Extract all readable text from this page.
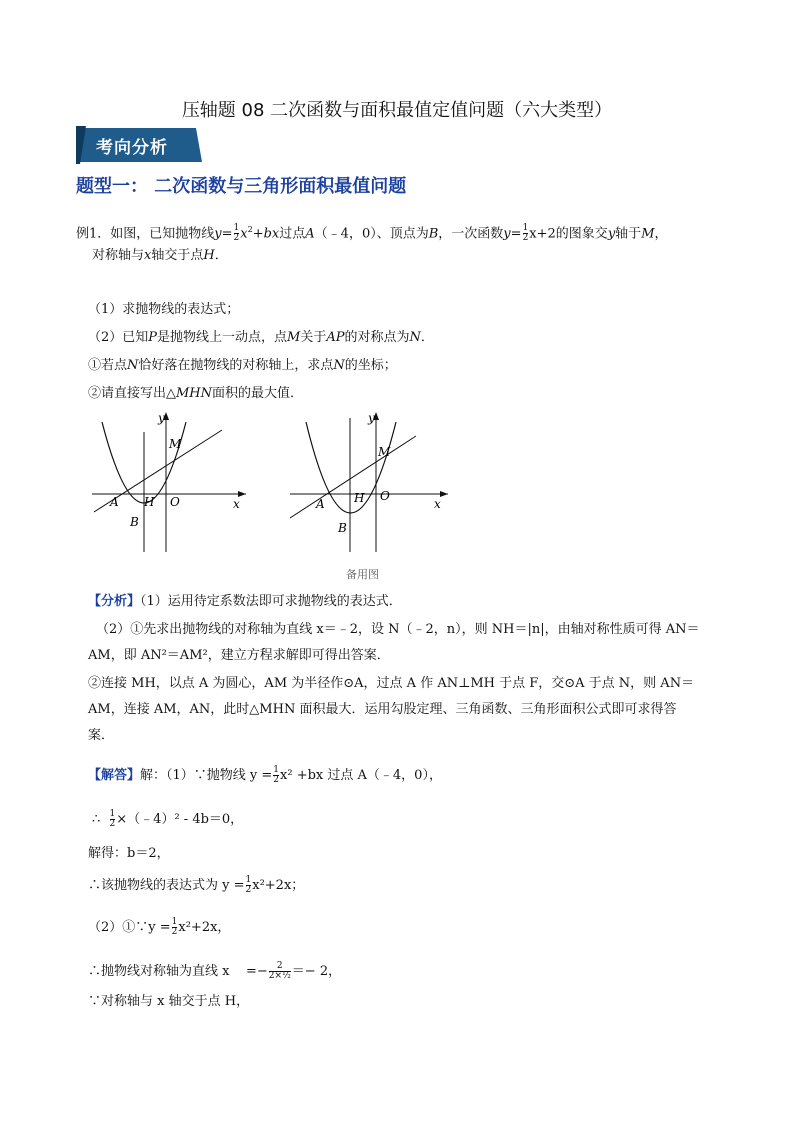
压轴题 08 二次函数与面积最值定值问题（六大类型）
考向分析
题型一： 二次函数与三角形面积最值问题
例1．如图，已知抛物线$y= \frac{1}{2} x^2+bx$过点A（﹣4，0）、顶点为B，一次函数$y= \frac{1}{2} x+2$的图象交y轴于M，
对称轴与x轴交于点H．
（1）求抛物线的表达式；
（2）已知P是抛物线上一动点，点M关于AP的对称点为N．
①若点N恰好落在抛物线的对称轴上，求点N的坐标；
②请直接写出△MHN面积的最大值．
y
x
M
A H O
B
y
x
M
A H O
B
备用图
【分析】（1）运用待定系数法即可求抛物线的表达式．
（2）①先求出抛物线的对称轴为直线 x＝﹣2，设 N（﹣2，n），则 NH＝|n|，由轴对称性质可得 AN＝
AM，即 AN²＝AM²，建立方程求解即可得出答案．
②连接 MH，以点 A 为圆心，AM 为半径作⊙A，过点 A 作 AN⊥MH 于点 F，交⊙A 于点 N，则 AN＝
AM，连接 AM，AN，此时△MHN 面积最大．运用勾股定理、三角函数、三角形面积公式即可求得答
案．
【解答】解：（1）∵抛物线 $y = \frac{1}{2} x^2 +bx$ 过点 A（﹣4，0），
∴ $\frac{1}{2}$ ×（﹣4）² - 4b＝0，
解得：b＝2，
∴该抛物线的表达式为 $y = \frac{1}{2} x^2+2x$；
（2）①∵y = $\frac{1}{2} x^2+2x$，
∴抛物线对称轴为直线 x    =− $\frac{2}{\text{2×½}} =- 2$，
∵对称轴与 x 轴交于点 H，
